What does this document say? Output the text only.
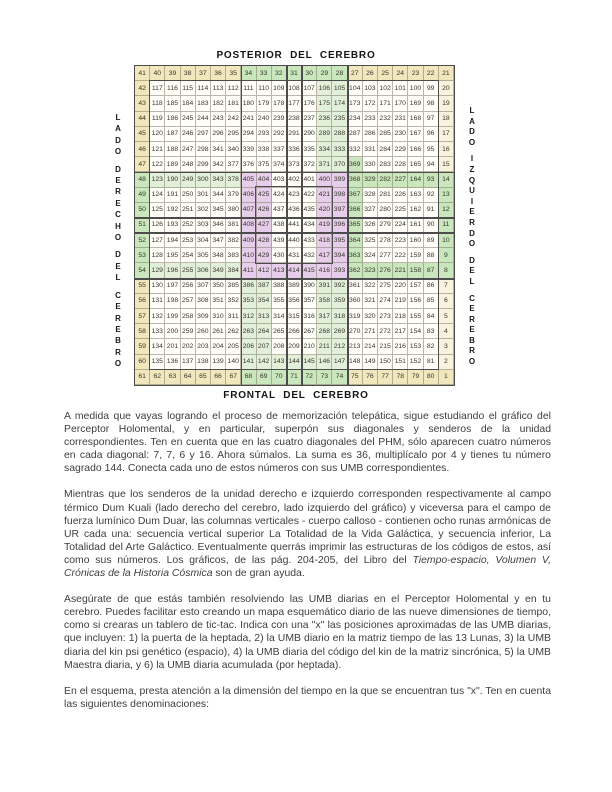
POSTERIOR DEL CEREBRO
L
A
D
O
D
E
R
E
C
H
O
D
E
L
C
E
R
E
B
R
O
41	40	39	38	37	36	35	34	33	32	31	30	29	28	27	26	25	24	23	22	21
42 117 116 115 114 113 112 111 110 109 108 107 106 105 104 103 102 101 100 99	20
43 118 185 184 183 182 181 180 179 178 177 176 175 174 173 172 171 170 169 98	19
44 119 186 245 244 243 242 241 240 239 238 237 236 235 234 233 232 231 168 97	18
45 120 187 246 297 296 295 294 293 292 291 290 289 288 287 286 285 230 167 96	17
46 121 188 247 298 341 340 339 338 337 336 335 334 333 332 331 284 229 166 95	16
47 122 189 248 299 342 377 376 375 374 373 372 371 370 369 330 283 228 165 94	15
48 123 190 249 300 343 378 405 404 403 402 401 400 399 368 329 282 227 164 93	14
49 124 191 250 301 344 379 406 425 424 423 422 421 398 367 328 281 226 163 92	13
50 125 192 251 302 345 380 407 426 437 436 435 420 397 366 327 280 225 162 91	12
51 126 193 252 303 346 381 408 427 438 441 434 419 396 365 326 279 224 161 90	11
52 127 194 253 304 347 382 409 428 439 440 433 418 395 364 325 278 223 160 89	10
53 128 195 254 305 348 383 410 429 430 431 432 417 394 363 324 277 222 159 88	9
54 129 196 255 306 349 384 411 412 413 414 415 416 393 362 323 276 221 158 87	8
55 130 197 256 307 350 385 386 387 388 389 390 391 392 361 322 275 220 157 86	7
56 131 198 257 308 351 352 353 354 355 356 357 358 359 360 321 274 219 156 85	6
57 132 199 258 309 310 311 312 313 314 315 316 317 318 319 320 273 218 155 84	5
58 133 200 259 260 261 262 263 264 265 266 267 268 269 270 271 272 217 154 83	4
59 134 201 202 203 204 205 206 207 208 209 210 211 212 213 214 215 216 153 82	3
60 135 136 137 138 139 140 141 142 143 144 145 146 147 148 149 150 151 152 81	2
61	62	63	64	65	66	67	68	69	70	71	72	73	74	75	76	77	78	79	80	1
L
A
D
O
I
Z
Q
U
I
E
R
D
O
D
E
L
C
E
R
E
B
R
O
FRONTAL DEL CEREBRO

A medida que vayas logrando el proceso de memorización telepática, sigue estudiando el gráfico del Perceptor Holomental, y en particular, superpón sus diagonales y senderos de la unidad correspondientes. Ten en cuenta que en las cuatro diagonales del PHM, sólo aparecen cuatro números en cada diagonal: 7, 7, 6 y 16. Ahora súmalos. La suma es 36, multiplícalo por 4 y tienes tu número sagrado 144. Conecta cada uno de estos números con sus UMB correspondientes.

Mientras que los senderos de la unidad derecho e izquierdo corresponden respectivamente al campo térmico Dum Kuali (lado derecho del cerebro, lado izquierdo del gráfico) y viceversa para el campo de fuerza lumínico Dum Duar, las columnas verticales - cuerpo calloso - contienen ocho runas armónicas de UR cada una: secuencia vertical superior La Totalidad de la Vida Galáctica, y secuencia inferior, La Totalidad del Arte Galáctico. Eventualmente querrás imprimir las estructuras de los códigos de estos, así como sus números. Los gráficos, de las pág. 204-205, del Libro del Tiempo-espacio, Volumen V, Crónicas de la Historia Cósmica son de gran ayuda.

Asegúrate de que estás también resolviendo las UMB diarias en el Perceptor Holomental y en tu cerebro. Puedes facilitar esto creando un mapa esquemático diario de las nueve dimensiones de tiempo, como si crearas un tablero de tic-tac. Indica con una "x" las posiciones aproximadas de las UMB diarias, que incluyen: 1) la puerta de la heptada, 2) la UMB diario en la matriz tiempo de las 13 Lunas, 3) la UMB diaria del kin psi genético (espacio), 4) la UMB diaria del código del kin de la matriz sincrónica, 5) la UMB Maestra diaria, y 6) la UMB diaria acumulada (por heptada).

En el esquema, presta atención a la dimensión del tiempo en la que se encuentran tus "x". Ten en cuenta las siguientes denominaciones:
